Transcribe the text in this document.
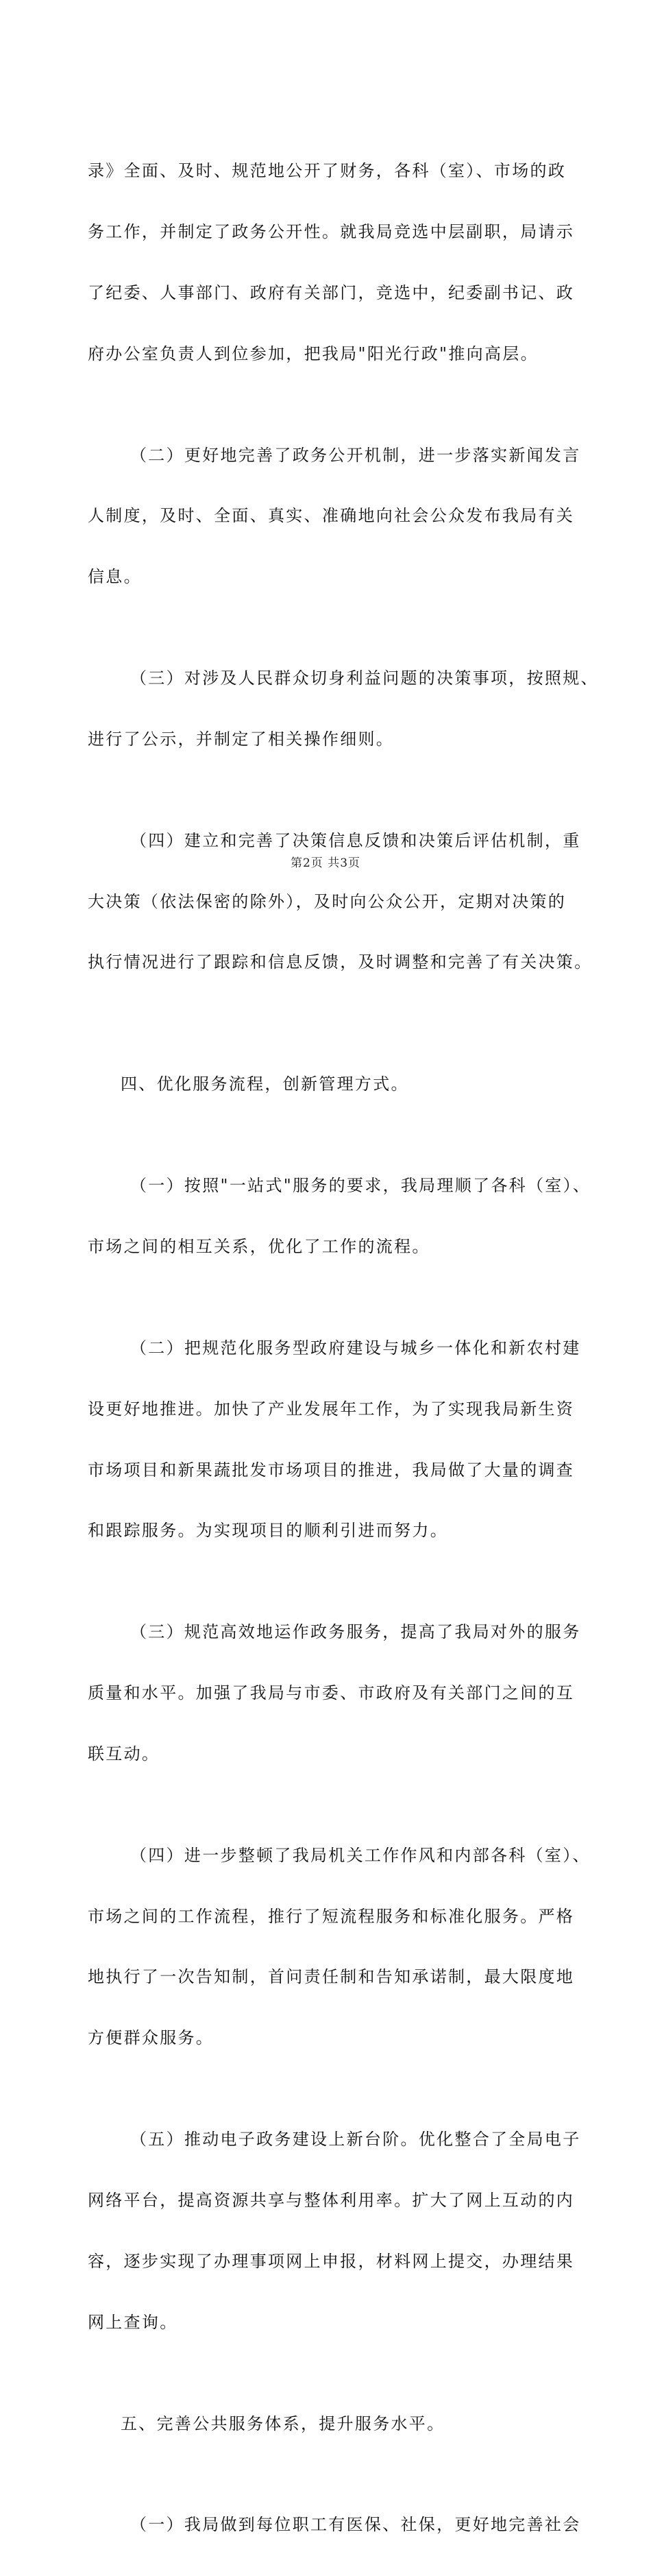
录》全面、及时、规范地公开了财务，各科（室）、市场的政

务工作，并制定了政务公开性。就我局竞选中层副职，局请示

了纪委、人事部门、政府有关部门，竞选中，纪委副书记、政

府办公室负责人到位参加，把我局"阳光行政"推向高层。

（二）更好地完善了政务公开机制，进一步落实新闻发言

人制度，及时、全面、真实、准确地向社会公众发布我局有关

信息。

（三）对涉及人民群众切身利益问题的决策事项，按照规、

进行了公示，并制定了相关操作细则。

（四）建立和完善了决策信息反馈和决策后评估机制，重

大决策（依法保密的除外），及时向公众公开，定期对决策的

执行情况进行了跟踪和信息反馈，及时调整和完善了有关决策。

四、优化服务流程，创新管理方式。

（一）按照"一站式"服务的要求，我局理顺了各科（室）、

市场之间的相互关系，优化了工作的流程。

（二）把规范化服务型政府建设与城乡一体化和新农村建

设更好地推进。加快了产业发展年工作，为了实现我局新生资

市场项目和新果蔬批发市场项目的推进，我局做了大量的调查

和跟踪服务。为实现项目的顺利引进而努力。

（三）规范高效地运作政务服务，提高了我局对外的服务

质量和水平。加强了我局与市委、市政府及有关部门之间的互

联互动。

（四）进一步整顿了我局机关工作作风和内部各科（室）、

市场之间的工作流程，推行了短流程服务和标准化服务。严格

地执行了一次告知制，首问责任制和告知承诺制，最大限度地

方便群众服务。

（五）推动电子政务建设上新台阶。优化整合了全局电子

网络平台，提高资源共享与整体利用率。扩大了网上互动的内

容，逐步实现了办理事项网上申报，材料网上提交，办理结果

网上查询。

五、完善公共服务体系，提升服务水平。

（一）我局做到每位职工有医保、社保，更好地完善社会

第2页 共3页
